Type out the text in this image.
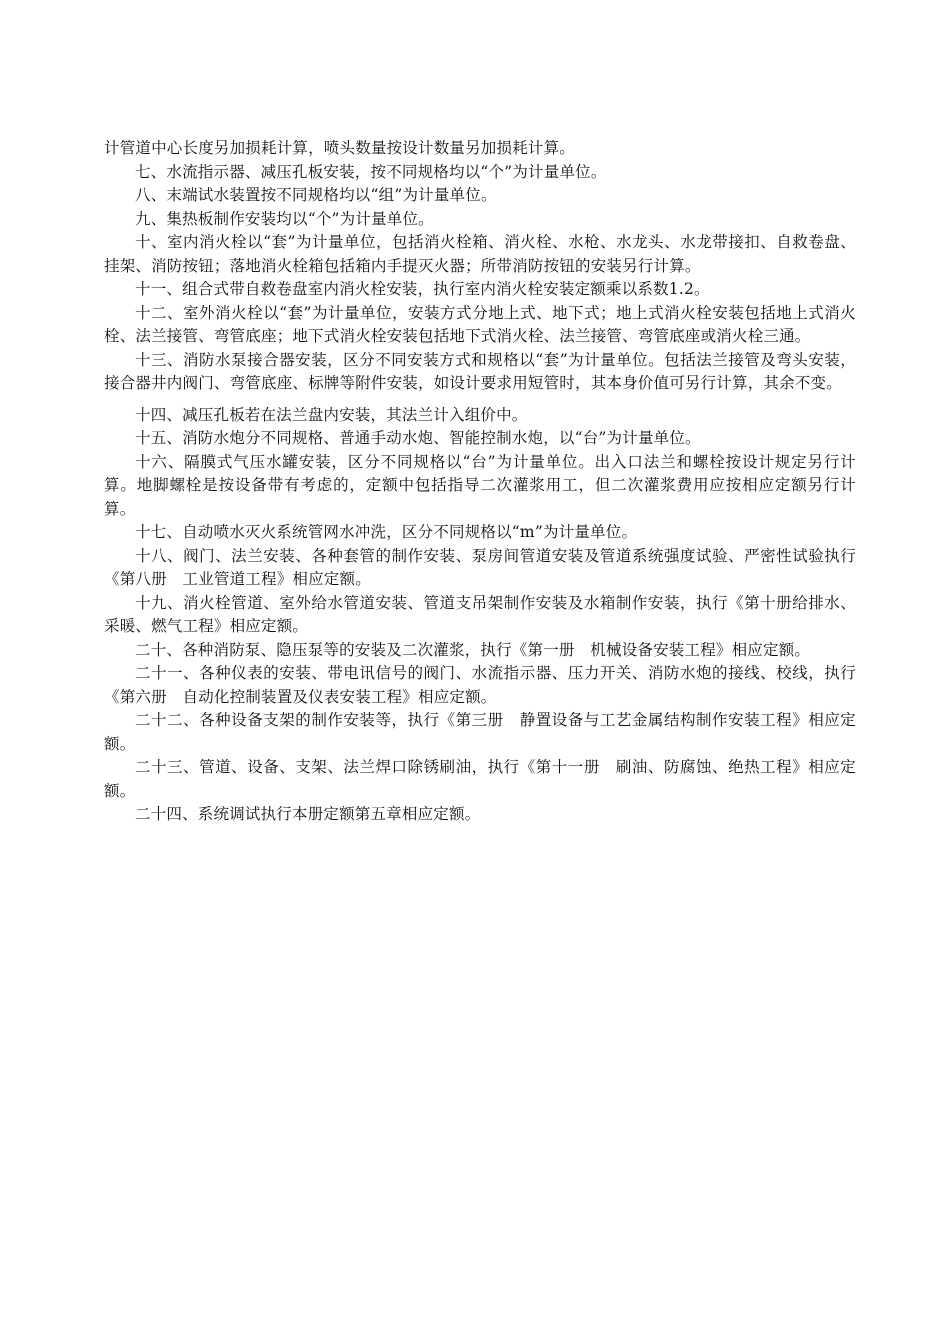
计管道中心长度另加损耗计算，喷头数量按设计数量另加损耗计算。

七、水流指示器、减压孔板安装，按不同规格均以“个”为计量单位。

八、末端试水装置按不同规格均以“组”为计量单位。

九、集热板制作安装均以“个”为计量单位。

十、室内消火栓以“套”为计量单位，包括消火栓箱、消火栓、水枪、水龙头、水龙带接扣、自救卷盘、挂架、消防按钮；落地消火栓箱包括箱内手提灭火器；所带消防按钮的安装另行计算。

十一、组合式带自救卷盘室内消火栓安装，执行室内消火栓安装定额乘以系数1.2。

十二、室外消火栓以“套”为计量单位，安装方式分地上式、地下式；地上式消火栓安装包括地上式消火栓、法兰接管、弯管底座；地下式消火栓安装包括地下式消火栓、法兰接管、弯管底座或消火栓三通。

十三、消防水泵接合器安装，区分不同安装方式和规格以“套”为计量单位。包括法兰接管及弯头安装，接合器井内阀门、弯管底座、标牌等附件安装，如设计要求用短管时，其本身价值可另行计算，其余不变。

十四、减压孔板若在法兰盘内安装，其法兰计入组价中。

十五、消防水炮分不同规格、普通手动水炮、智能控制水炮，以“台”为计量单位。

十六、隔膜式气压水罐安装，区分不同规格以“台”为计量单位。出入口法兰和螺栓按设计规定另行计算。地脚螺栓是按设备带有考虑的，定额中包括指导二次灌浆用工，但二次灌浆费用应按相应定额另行计算。

十七、自动喷水灭火系统管网水冲洗，区分不同规格以“m”为计量单位。

十八、阀门、法兰安装、各种套管的制作安装、泵房间管道安装及管道系统强度试验、严密性试验执行《第八册　工业管道工程》相应定额。

十九、消火栓管道、室外给水管道安装、管道支吊架制作安装及水箱制作安装，执行《第十册给排水、采暖、燃气工程》相应定额。

二十、各种消防泵、隐压泵等的安装及二次灌浆，执行《第一册　机械设备安装工程》相应定额。

二十一、各种仪表的安装、带电讯信号的阀门、水流指示器、压力开关、消防水炮的接线、校线，执行《第六册　自动化控制装置及仪表安装工程》相应定额。

二十二、各种设备支架的制作安装等，执行《第三册　静置设备与工艺金属结构制作安装工程》相应定额。

二十三、管道、设备、支架、法兰焊口除锈刷油，执行《第十一册　刷油、防腐蚀、绝热工程》相应定额。

二十四、系统调试执行本册定额第五章相应定额。
